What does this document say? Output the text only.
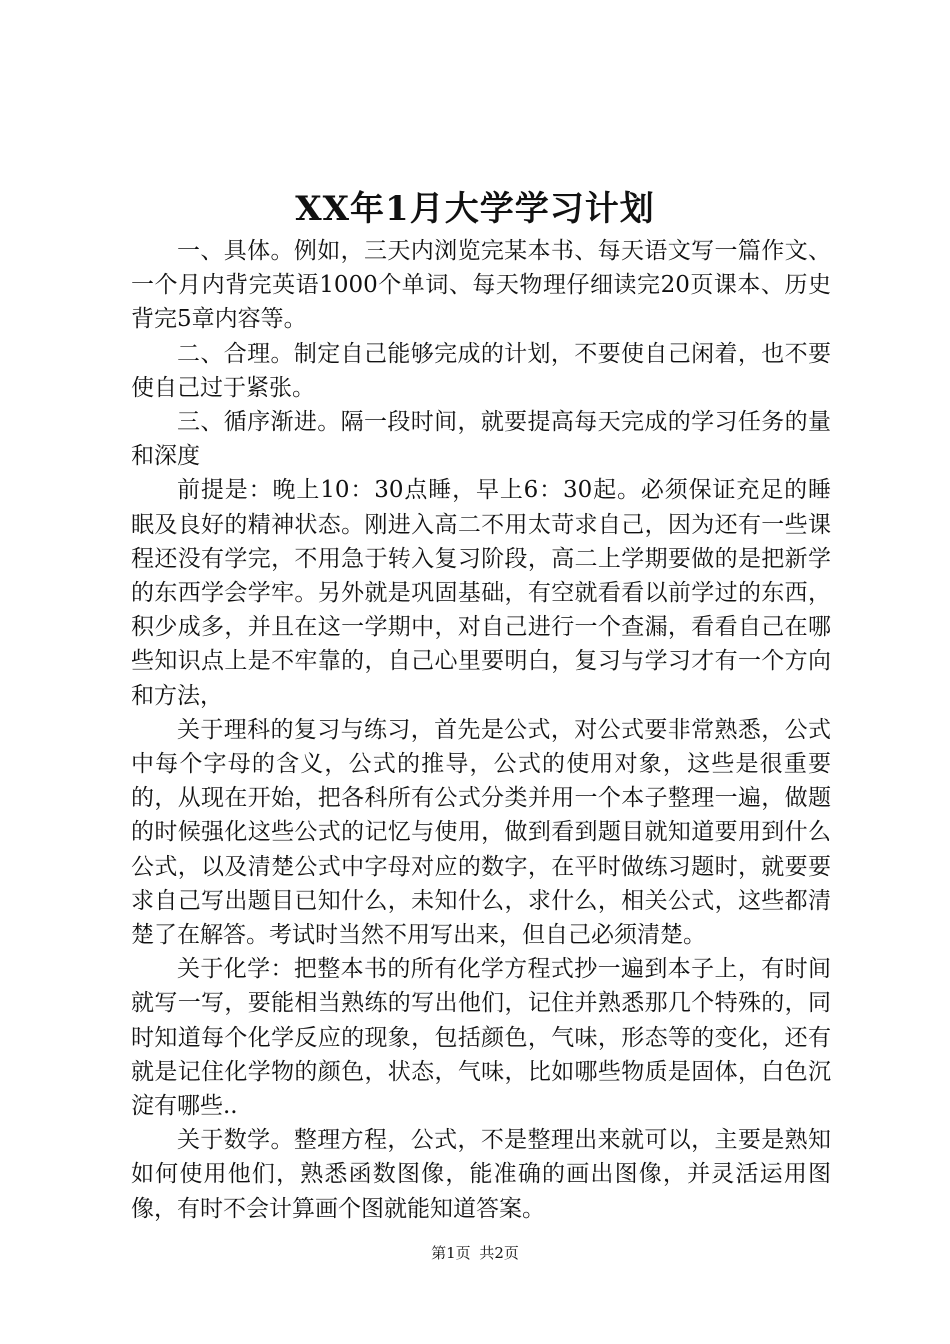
XX年1月大学学习计划

一、具体。例如，三天内浏览完某本书、每天语文写一篇作文、一个月内背完英语1000个单词、每天物理仔细读完20页课本、历史背完5章内容等。

二、合理。制定自己能够完成的计划，不要使自己闲着，也不要使自己过于紧张。

三、循序渐进。隔一段时间，就要提高每天完成的学习任务的量和深度

前提是：晚上10：30点睡，早上6：30起。必须保证充足的睡眠及良好的精神状态。刚进入高二不用太苛求自己，因为还有一些课程还没有学完，不用急于转入复习阶段，高二上学期要做的是把新学的东西学会学牢。另外就是巩固基础，有空就看看以前学过的东西，积少成多，并且在这一学期中，对自己进行一个查漏，看看自己在哪些知识点上是不牢靠的，自己心里要明白，复习与学习才有一个方向和方法，

关于理科的复习与练习，首先是公式，对公式要非常熟悉，公式中每个字母的含义，公式的推导，公式的使用对象，这些是很重要的，从现在开始，把各科所有公式分类并用一个本子整理一遍，做题的时候强化这些公式的记忆与使用，做到看到题目就知道要用到什么公式，以及清楚公式中字母对应的数字，在平时做练习题时，就要要求自己写出题目已知什么，未知什么，求什么，相关公式，这些都清楚了在解答。考试时当然不用写出来，但自己必须清楚。

关于化学：把整本书的所有化学方程式抄一遍到本子上，有时间就写一写，要能相当熟练的写出他们，记住并熟悉那几个特殊的，同时知道每个化学反应的现象，包括颜色，气味，形态等的变化，还有就是记住化学物的颜色，状态，气味，比如哪些物质是固体，白色沉淀有哪些..

关于数学。整理方程，公式，不是整理出来就可以，主要是熟知如何使用他们，熟悉函数图像，能准确的画出图像，并灵活运用图像，有时不会计算画个图就能知道答案。

第1页 共2页
